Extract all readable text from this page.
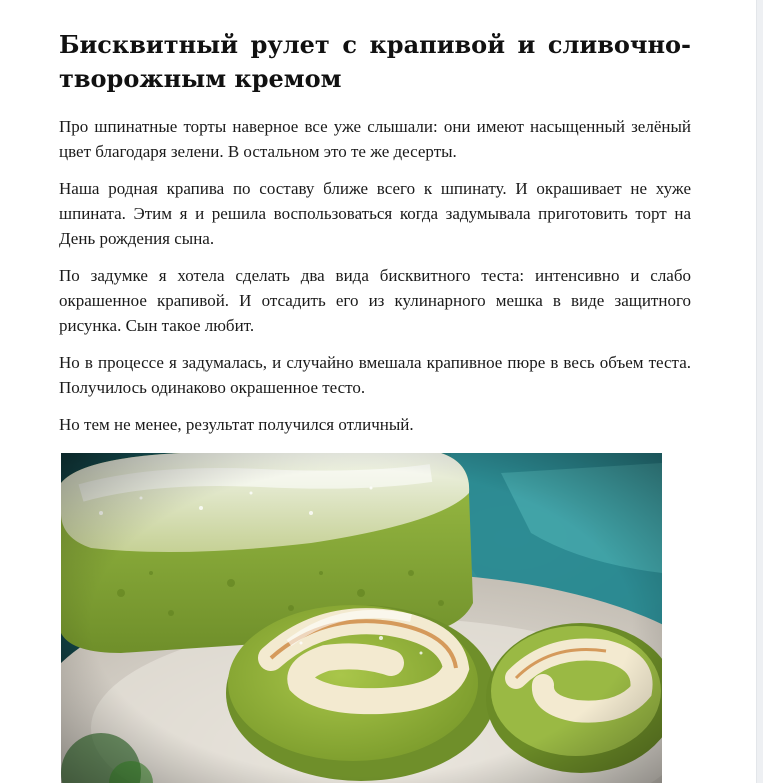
Бисквитный рулет с крапивой и сливочно-творожным кремом

Про шпинатные торты наверное все уже слышали: они имеют насыщенный зелёный цвет благодаря зелени. В остальном это те же десерты.

Наша родная крапива по составу ближе всего к шпинату. И окрашивает не хуже шпината. Этим я и решила воспользоваться когда задумывала приготовить торт на День рождения сына.

По задумке я хотела сделать два вида бисквитного теста: интенсивно и слабо окрашенное крапивой. И отсадить его из кулинарного мешка в виде защитного рисунка. Сын такое любит.

Но в процессе я задумалась, и случайно вмешала крапивное пюре в весь объем теста. Получилось одинаково окрашенное тесто.

Но тем не менее, результат получился отличный.
